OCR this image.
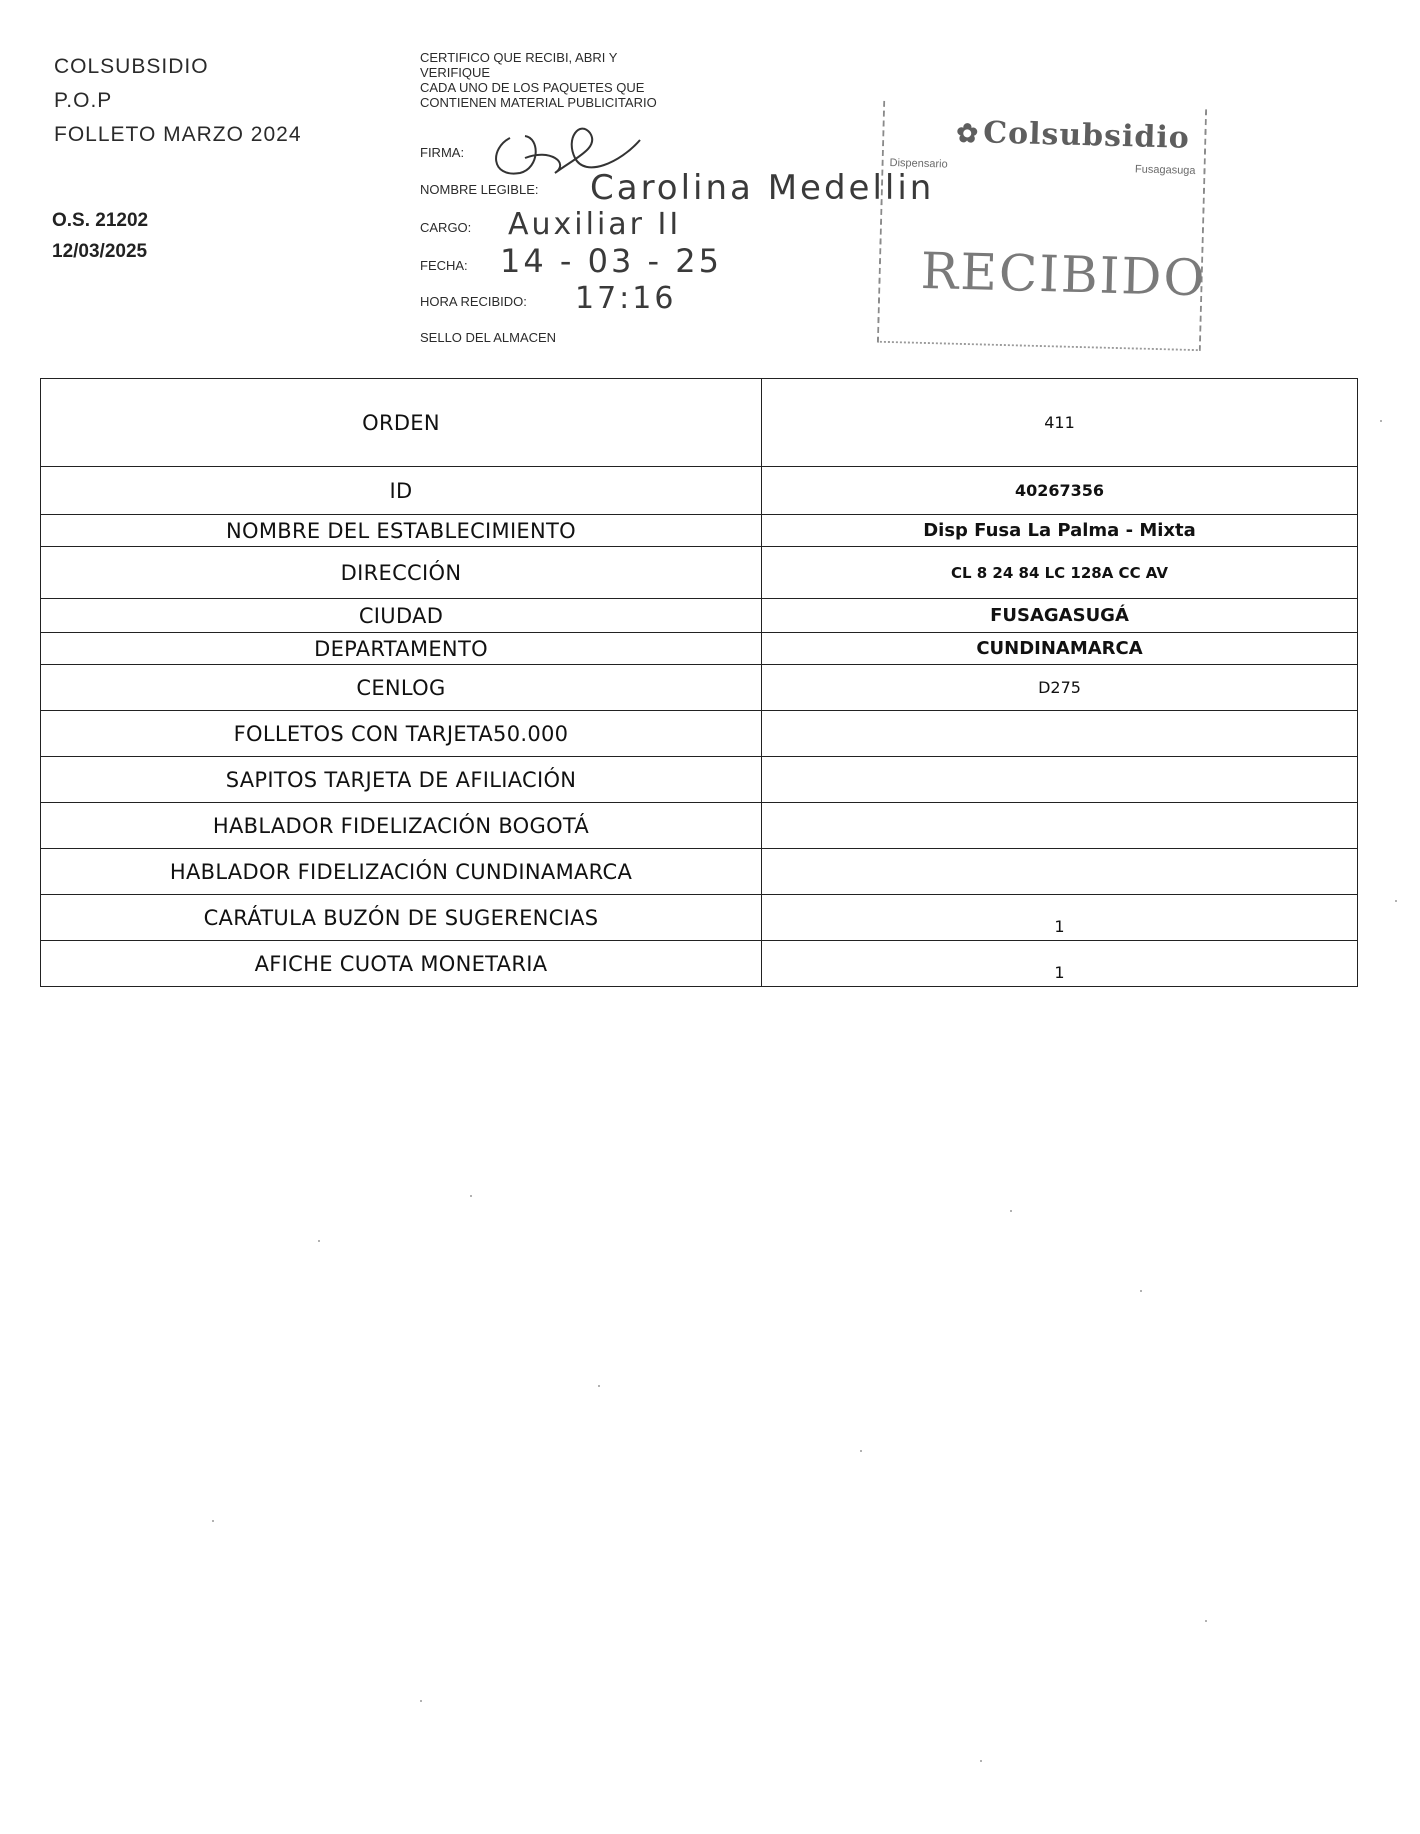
COLSUBSIDIO
P.O.P
FOLLETO MARZO 2024
O.S. 21202
12/03/2025
CERTIFICO QUE RECIBI, ABRI Y
VERIFIQUE
CADA UNO DE LOS PAQUETES QUE
CONTIENEN MATERIAL PUBLICITARIO
FIRMA:
NOMBRE LEGIBLE: Carolina Medellin
CARGO: Auxiliar II
FECHA: 14 - 03 - 25
HORA RECIBIDO: 17:16
SELLO DEL ALMACEN
✿ Colsubsidio
Dispensario	Fusagasuga
RECIBIDO
ORDEN	411
ID	40267356
NOMBRE DEL ESTABLECIMIENTO	Disp Fusa La Palma - Mixta
DIRECCIÓN	CL 8 24 84 LC 128A CC AV
CIUDAD	FUSAGASUGÁ
DEPARTAMENTO	CUNDINAMARCA
CENLOG	D275
FOLLETOS CON TARJETA50.000	
SAPITOS TARJETA DE AFILIACIÓN	
HABLADOR FIDELIZACIÓN BOGOTÁ	
HABLADOR FIDELIZACIÓN CUNDINAMARCA	
CARÁTULA BUZÓN DE SUGERENCIAS	1
AFICHE CUOTA MONETARIA	1
